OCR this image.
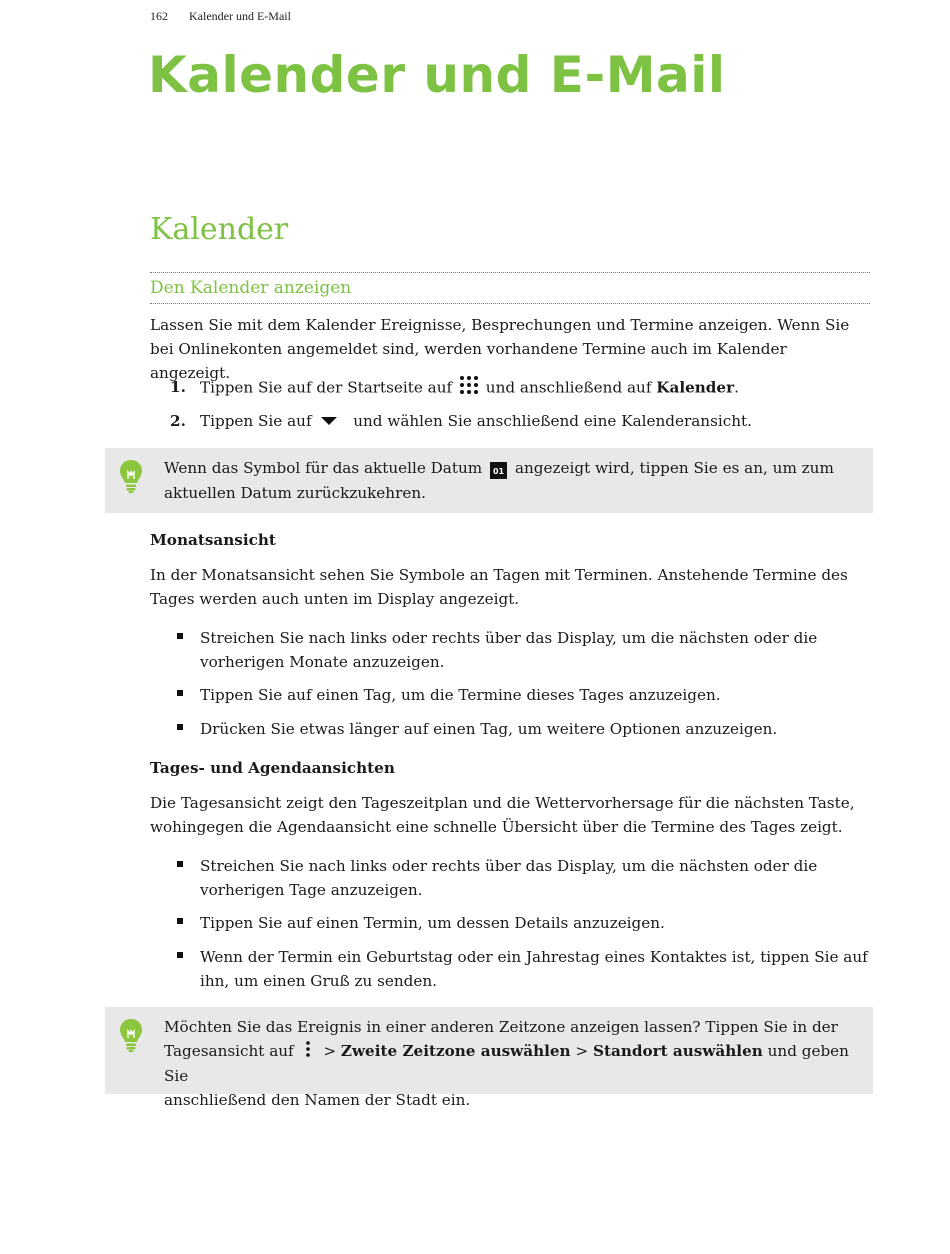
162 Kalender und E-Mail
Kalender und E-Mail
Kalender
Den Kalender anzeigen
Lassen Sie mit dem Kalender Ereignisse, Besprechungen und Termine anzeigen. Wenn Sie bei Onlinekonten angemeldet sind, werden vorhandene Termine auch im Kalender angezeigt.
1. Tippen Sie auf der Startseite auf und anschließend auf Kalender.
2. Tippen Sie auf	und wählen Sie anschließend eine Kalenderansicht.
Wenn das Symbol für das aktuelle Datum 01 angezeigt wird, tippen Sie es an, um zum aktuellen Datum zurückzukehren.
Monatsansicht
In der Monatsansicht sehen Sie Symbole an Tagen mit Terminen. Anstehende Termine des Tages werden auch unten im Display angezeigt.
Streichen Sie nach links oder rechts über das Display, um die nächsten oder die vorherigen Monate anzuzeigen.
Tippen Sie auf einen Tag, um die Termine dieses Tages anzuzeigen.
Drücken Sie etwas länger auf einen Tag, um weitere Optionen anzuzeigen.
Tages- und Agendaansichten
Die Tagesansicht zeigt den Tageszeitplan und die Wettervorhersage für die nächsten Taste, wohingegen die Agendaansicht eine schnelle Übersicht über die Termine des Tages zeigt.
Streichen Sie nach links oder rechts über das Display, um die nächsten oder die vorherigen Tage anzuzeigen.
Tippen Sie auf einen Termin, um dessen Details anzuzeigen.
Wenn der Termin ein Geburtstag oder ein Jahrestag eines Kontaktes ist, tippen Sie auf ihn, um einen Gruß zu senden.
Möchten Sie das Ereignis in einer anderen Zeitzone anzeigen lassen? Tippen Sie in der
Tagesansicht auf > Zweite Zeitzone auswählen > Standort auswählen und geben Sie
anschließend den Namen der Stadt ein.
